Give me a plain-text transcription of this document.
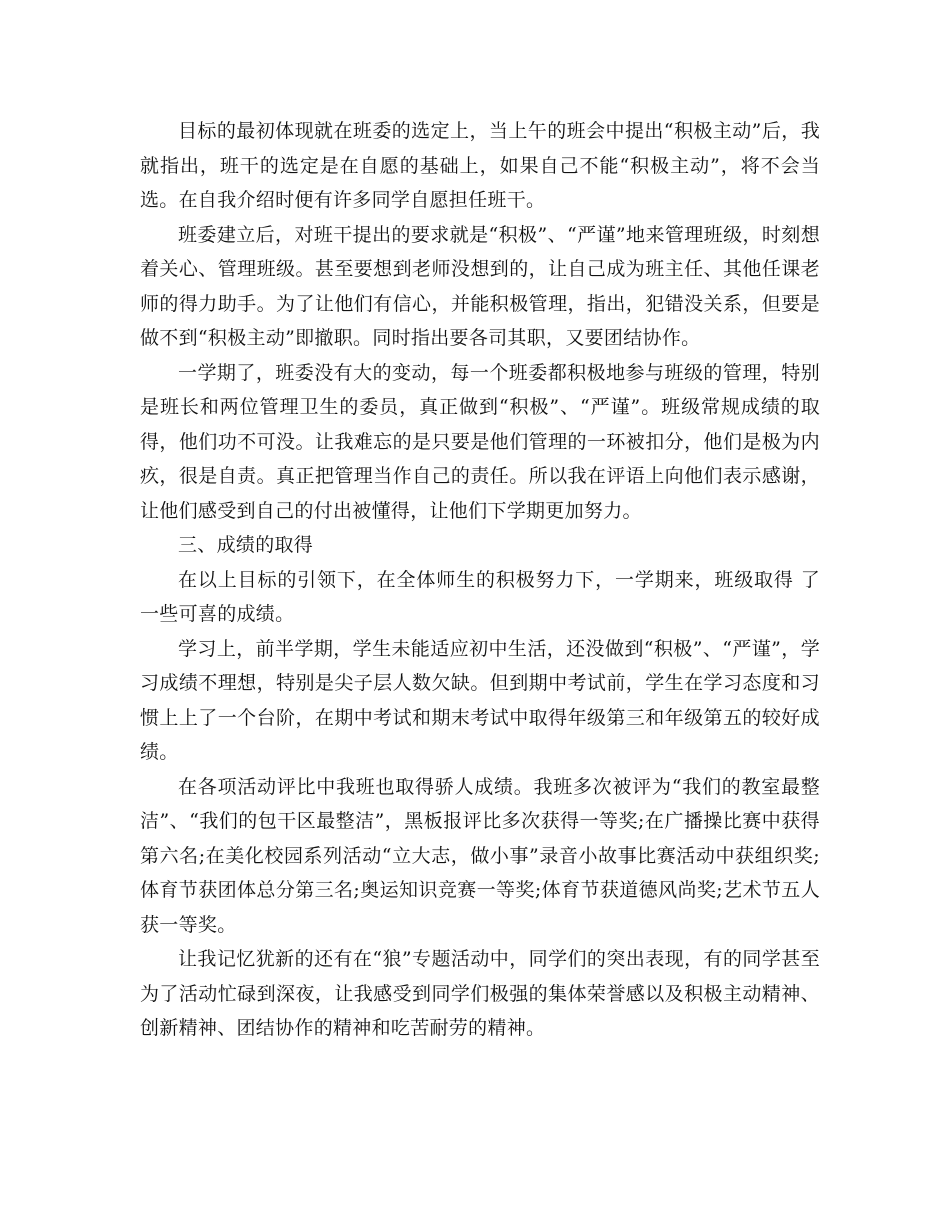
目标的最初体现就在班委的选定上，当上午的班会中提出“积极主动”后，我就指出，班干的选定是在自愿的基础上，如果自己不能“积极主动”，将不会当选。在自我介绍时便有许多同学自愿担任班干。

班委建立后，对班干提出的要求就是“积极”、“严谨”地来管理班级，时刻想着关心、管理班级。甚至要想到老师没想到的，让自己成为班主任、其他任课老师的得力助手。为了让他们有信心，并能积极管理，指出，犯错没关系，但要是做不到“积极主动”即撤职。同时指出要各司其职，又要团结协作。

一学期了，班委没有大的变动，每一个班委都积极地参与班级的管理，特别是班长和两位管理卫生的委员，真正做到“积极”、“严谨”。班级常规成绩的取得，他们功不可没。让我难忘的是只要是他们管理的一环被扣分，他们是极为内疚，很是自责。真正把管理当作自己的责任。所以我在评语上向他们表示感谢，让他们感受到自己的付出被懂得，让他们下学期更加努力。

三、成绩的取得

在以上目标的引领下，在全体师生的积极努力下，一学期来，班级取得 了一些可喜的成绩。

学习上，前半学期，学生未能适应初中生活，还没做到“积极”、“严谨”，学习成绩不理想，特别是尖子层人数欠缺。但到期中考试前，学生在学习态度和习惯上上了一个台阶，在期中考试和期末考试中取得年级第三和年级第五的较好成绩。

在各项活动评比中我班也取得骄人成绩。我班多次被评为“我们的教室最整洁”、“我们的包干区最整洁”，黑板报评比多次获得一等奖;在广播操比赛中获得第六名;在美化校园系列活动“立大志，做小事”录音小故事比赛活动中获组织奖;体育节获团体总分第三名;奥运知识竞赛一等奖;体育节获道德风尚奖;艺术节五人获一等奖。

让我记忆犹新的还有在“狼”专题活动中，同学们的突出表现，有的同学甚至为了活动忙碌到深夜，让我感受到同学们极强的集体荣誉感以及积极主动精神、创新精神、团结协作的精神和吃苦耐劳的精神。
